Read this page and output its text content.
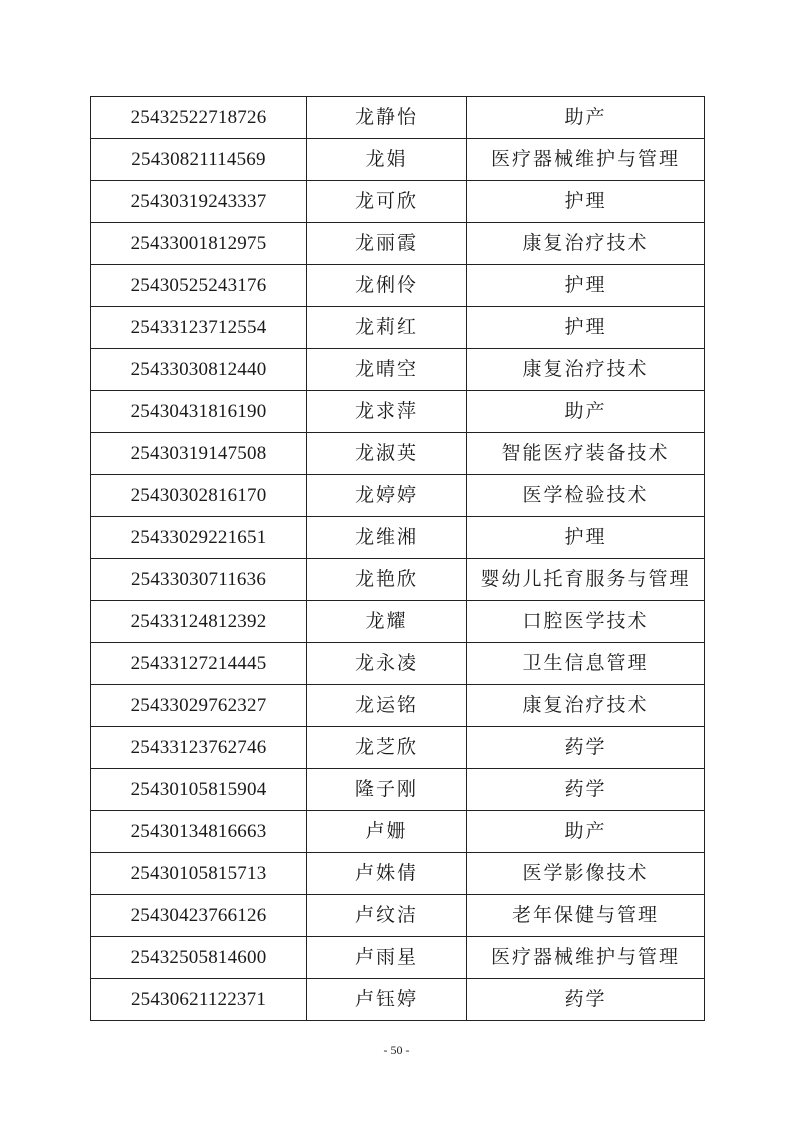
25432522718726	龙静怡	助产
25430821114569	龙娟	医疗器械维护与管理
25430319243337	龙可欣	护理
25433001812975	龙丽霞	康复治疗技术
25430525243176	龙俐伶	护理
25433123712554	龙莉红	护理
25433030812440	龙晴空	康复治疗技术
25430431816190	龙求萍	助产
25430319147508	龙淑英	智能医疗装备技术
25430302816170	龙婷婷	医学检验技术
25433029221651	龙维湘	护理
25433030711636	龙艳欣	婴幼儿托育服务与管理
25433124812392	龙耀	口腔医学技术
25433127214445	龙永凌	卫生信息管理
25433029762327	龙运铭	康复治疗技术
25433123762746	龙芝欣	药学
25430105815904	隆子刚	药学
25430134816663	卢姗	助产
25430105815713	卢姝倩	医学影像技术
25430423766126	卢纹洁	老年保健与管理
25432505814600	卢雨星	医疗器械维护与管理
25430621122371	卢钰婷	药学
- 50 -
